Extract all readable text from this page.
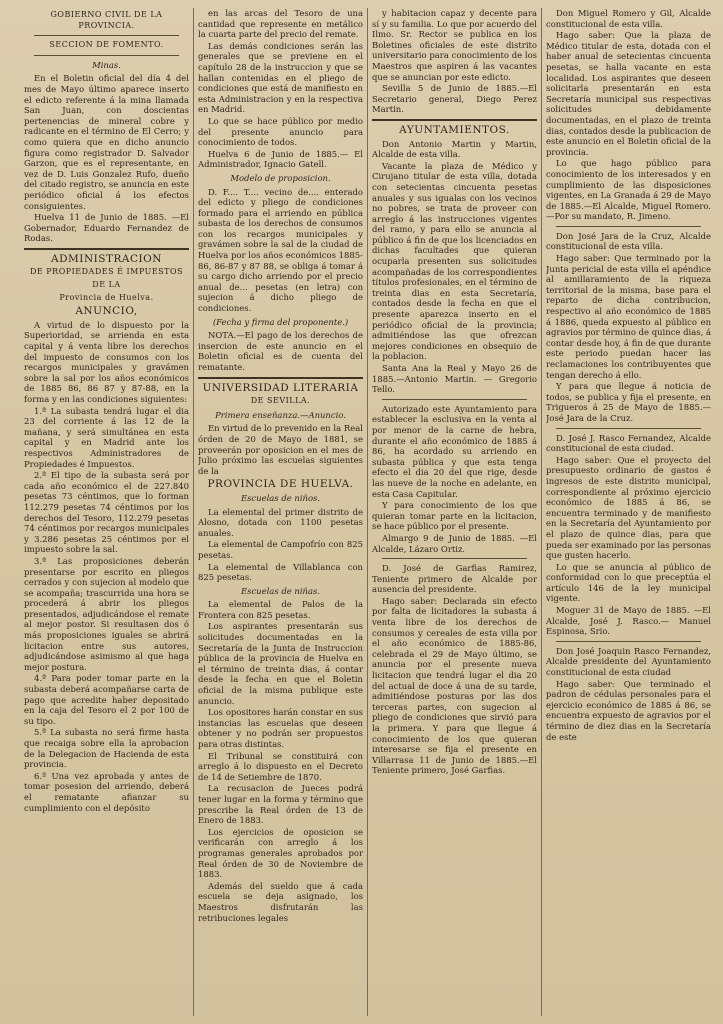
GOBIERNO CIVIL DE LA PROVINCIA.
SECCION DE FOMENTO.
Minas.

En el Boletin oficial del día 4 del mes de Mayo último aparece inserto el edicto referente á la mina llamada San Juan, con doscientas pertenencias de mineral cobre y radicante en el término de El Cerro; y como quiera que en dicho anuncio figura como registrador D. Salvador Garzon, que es el representante, en vez de D. Luis Gonzalez Rufo, dueño del citado registro, se anuncia en este periódico oficial á los efectos consiguientes.

Huelva 11 de Junio de 1885. —El Gobernador, Eduardo Fernandez de Rodas.

ADMINISTRACION
DE PROPIEDADES É IMPUESTOS
DE LA
Provincia de Huelva.
ANUNCIO,

A virtud de lo dispuesto por la Superioridad, se arrienda en esta capital y á venta libre los derechos del impuesto de consumos con los recargos municipales y gravámen sobre la sal por los años económicos de 1885 86, 86 87 y 87-88, en la forma y en las condiciones siguientes:

1.ª La subasta tendrá lugar el dia 23 del corriente á las 12 de la mañana, y será simultánea en esta capital y en Madrid ante los respectivos Administradores de Propiedades é Impuestos.

2.ª El tipo de la subasta será por cada año económico el de 227.840 pesetas 73 céntimos, que lo forman 112.279 pesetas 74 céntimos por los derechos del Tesoro, 112.279 pesetas 74 céntimos por recargos municipales y 3.286 pesetas 25 céntimos por el impuesto sobre la sal.

3.ª Las proposiciones deberán presentarse por escrito en pliegos cerrados y con sujecion al modelo que se acompaña; trascurrida una hora se procederá á abrir los pliegos presentados, adjudicándose el remate al mejor postor. Si resultasen dos ó más proposiciones iguales se abrirá licitacion entre sus autores, adjudicándose asimismo al que haga mejor postura.

4.ª Para poder tomar parte en la subasta deberá acompañarse carta de pago que acredite haber depositado en la caja del Tesoro el 2 por 100 de su tipo.

5.ª La subasta no será firme hasta que recaiga sobre ella la aprobacion de la Delegacion de Hacienda de esta provincia.

6.ª Una vez aprobada y antes de tomar posesion del arriendo, deberá el rematante afianzar su cumplimiento con el depósito

en las arcas del Tesoro de una cantidad que represente en metálico la cuarta parte del precio del remate.

Las demás condiciones serán las generales que se previene en el capítulo 28 de la instruccion y que se hallan contenidas en el pliego de condiciones que está de manifiesto en esta Administracion y en la respectiva en Madrid.

Lo que se hace público por medio del presente anuncio para conocimiento de todos.

Huelva 6 de Junio de 1885.— El Administrador, Ignacio Gatell.

Modelo de proposicion.

D. F.... T.... vecino de.... enterado del edicto y pliego de condiciones formado para el arriendo en pública subasta de los derechos de consumos con los recargos municipales y gravámen sobre la sal de la ciudad de Huelva por los años económicos 1885-86, 86-87 y 87 88, se obliga á tomar á su cargo dicho arriendo por el precio anual de... pesetas (en letra) con sujecion á dicho pliego de condiciones.

(Fecha y firma del proponente.)

NOTA.—El pago de los derechos de insercion de este anuncio en el Boletin oficial es de cuenta del rematante.

UNIVERSIDAD LITERARIA
DE SEVILLA.
Primera enseñanza.—Anuncio.

En virtud de lo prevenido en la Real órden de 20 de Mayo de 1881, se proveerán por oposicion en el mes de Julio próximo las escuelas siguientes de la

PROVINCIA DE HUELVA.
Escuelas de niños.

La elemental del primer distrito de Alosno, dotada con 1100 pesetas anuales.

La elemental de Campofrío con 825 pesetas.

La elemental de Villablanca con 825 pesetas.

Escuelas de niñas.

La elemental de Palos de la Frontera con 825 pesetas.

Los aspirantes presentarán sus solicitudes documentadas en la Secretaría de la Junta de Instruccion pública de la provincia de Huelva en el término de treinta dias, á contar desde la fecha en que el Boletin oficial de la misma publique este anuncio.

Los opositores harán constar en sus instancias las escuelas que deseen obtener y no podrán ser propuestos para otras distintas.

El Tribunal se constituirá con arreglo á lo dispuesto en el Decreto de 14 de Setiembre de 1870.

La recusacion de Jueces podrá tener lugar en la forma y término que prescribe la Real órden de 13 de Enero de 1883.

Los ejercicios de oposicion se verificarán con arreglo á los programas generales aprobados por Real órden de 30 de Noviembre de 1883.

Además del sueldo que á cada escuela se deja asignado, los Maestros disfrutarán las retribuciones legales

y habitacion capaz y decente para sí y su familia. Lo que por acuerdo del Ilmo. Sr. Rector se publica en los Boletines oficiales de este distrito universitario para conocimiento de los Maestros que aspiren á las vacantes que se anuncian por este edicto.

Sevilla 5 de Junio de 1885.—El Secretario general, Diego Perez Martin.

AYUNTAMIENTOS.

Don Antonio Martin y Martin, Alcalde de esta villa.

Vacante la plaza de Médico y Cirujano titular de esta villa, dotada con setecientas cincuenta pesetas anuales y sus igualas con los vecinos no pobres, se trata de proveer con arreglo á las instrucciones vigentes del ramo, y para ello se anuncia al público á fin de que los licenciados en dichas facultades que quieran ocuparla presenten sus solicitudes acompañadas de los correspondientes títulos profesionales, en el término de treinta dias en esta Secretaría, contados desde la fecha en que el presente aparezca inserto en el periódico oficial de la provincia; admitiéndose las que ofrezcan mejores condiciones en obsequio de la poblacion.

Santa Ana la Real y Mayo 26 de 1885.—Antonio Martin. — Gregorio Tello.

Autorizado este Ayuntamiento para establecer la esclusiva en la venta al por menor de la carne de hebra, durante el año económico de 1885 á 86, ha acordado su arriendo en subasta pública y que esta tenga efecto el dia 20 del que rige, desde las nueve de la noche en adelante, en esta Casa Capitular.

Y para conocimiento de los que quieran tomar parte en la licitacion, se hace público por el presente.

Almargo 9 de Junio de 1885. —El Alcalde, Lázaro Ortiz.

D. José de Garfias Ramirez, Teniente primero de Alcalde por ausencia del presidente.

Hago saber: Declarada sin efecto por falta de licitadores la subasta á venta libre de los derechos de consumos y cereales de esta villa por el año económico de 1885-86, celebrada el 29 de Mayo último, se anuncia por el presente nueva licitacion que tendrá lugar el dia 20 del actual de doce á una de su tarde, admitiéndose posturas por las dos terceras partes, con sugecion al pliego de condiciones que sirvió para la primera. Y para que llegue á conocimiento de los que quieran interesarse se fija el presente en Villarrasa 11 de Junio de 1885.—El Teniente primero, José Garfias.

Don Miguel Romero y Gil, Alcalde constitucional de esta villa.

Hago saber: Que la plaza de Médico titular de esta, dotada con el haber anual de setecientas cincuenta pesetas, se halla vacante en esta localidad. Los aspirantes que deseen solicitarla presentarán en esta Secretaría municipal sus respectivas solicitudes debidamente documentadas, en el plazo de treinta dias, contados desde la publicacion de este anuncio en el Boletin oficial de la provincia.

Lo que hago público para conocimiento de los interesados y en cumplimiento de las disposiciones vigentes, en La Granada á 29 de Mayo de 1885.—El Alcalde, Miguel Romero.—Por su mandato, R. Jimeno.

Don José Jara de la Cruz, Alcalde constitucional de esta villa.

Hago saber: Que terminado por la Junta pericial de esta villa el apéndice al amillaramiento de la riqueza territorial de la misma, base para el reparto de dicha contribucion, respectivo al año económico de 1885 á 1886, queda expuesto al público en agravios por término de quince dias, á contar desde hoy, á fin de que durante este periodo puedan hacer las reclamaciones los contribuyentes que tengan derecho á ello.

Y para que llegue á noticia de todos, se publica y fija el presente, en Trigueros á 25 de Mayo de 1885.—José Jara de la Cruz.

D. José J. Rasco Fernandez, Alcalde constitucional de esta ciudad.

Hago saber: Que el proyecto del presupuesto ordinario de gastos é ingresos de este distrito municipal, correspondiente al próximo ejercicio económico de 1885 á 86, se encuentra terminado y de manifiesto en la Secretaría del Ayuntamiento por el plazo de quince dias, para que pueda ser examinado por las personas que gusten hacerlo.

Lo que se anuncia al público de conformidad con lo que preceptúa el artículo 146 de la ley municipal vigente.

Moguer 31 de Mayo de 1885. —El Alcalde, José J. Rasco.— Manuel Espinosa, Srio.

Don José Joaquin Rasco Fernandez, Alcalde presidente del Ayuntamiento constitucional de esta ciudad

Hago saber: Que terminado el padron de cédulas personales para el ejercicio económico de 1885 á 86, se encuentra expuesto de agravios por el término de diez dias en la Secretaría de este
